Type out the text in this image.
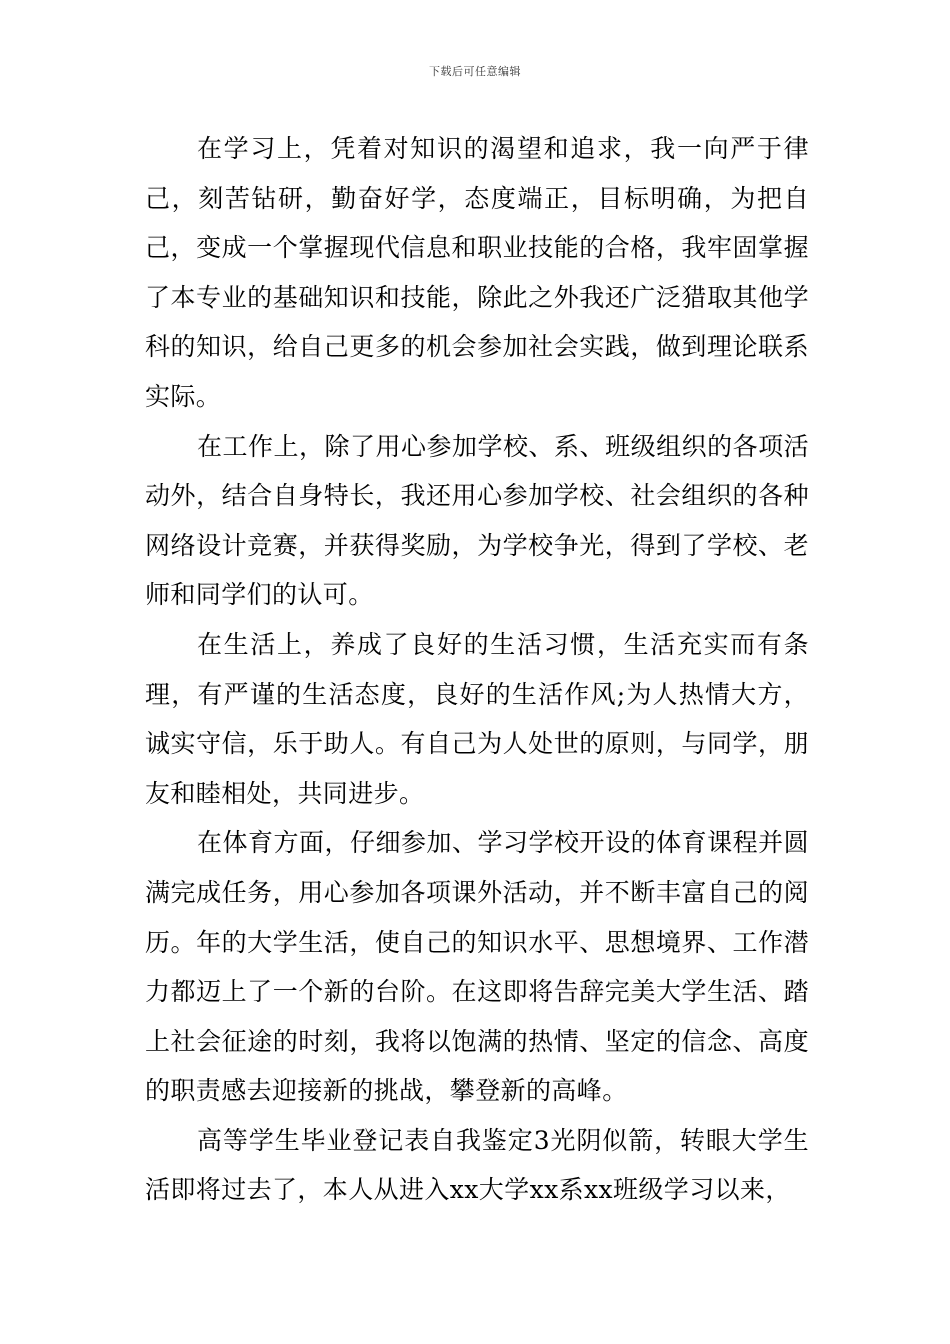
下载后可任意编辑

在学习上，凭着对知识的渴望和追求，我一向严于律己，刻苦钻研，勤奋好学，态度端正，目标明确，为把自己，变成一个掌握现代信息和职业技能的合格，我牢固掌握了本专业的基础知识和技能，除此之外我还广泛猎取其他学科的知识，给自己更多的机会参加社会实践，做到理论联系实际。

在工作上，除了用心参加学校、系、班级组织的各项活动外，结合自身特长，我还用心参加学校、社会组织的各种网络设计竞赛，并获得奖励，为学校争光，得到了学校、老师和同学们的认可。

在生活上，养成了良好的生活习惯，生活充实而有条理，有严谨的生活态度，良好的生活作风;为人热情大方，诚实守信，乐于助人。有自己为人处世的原则，与同学，朋友和睦相处，共同进步。

在体育方面，仔细参加、学习学校开设的体育课程并圆满完成任务，用心参加各项课外活动，并不断丰富自己的阅历。年的大学生活，使自己的知识水平、思想境界、工作潜力都迈上了一个新的台阶。在这即将告辞完美大学生活、踏上社会征途的时刻，我将以饱满的热情、坚定的信念、高度的职责感去迎接新的挑战，攀登新的高峰。

高等学生毕业登记表自我鉴定3光阴似箭，转眼大学生活即将过去了，本人从进入xx大学xx系xx班级学习以来，
